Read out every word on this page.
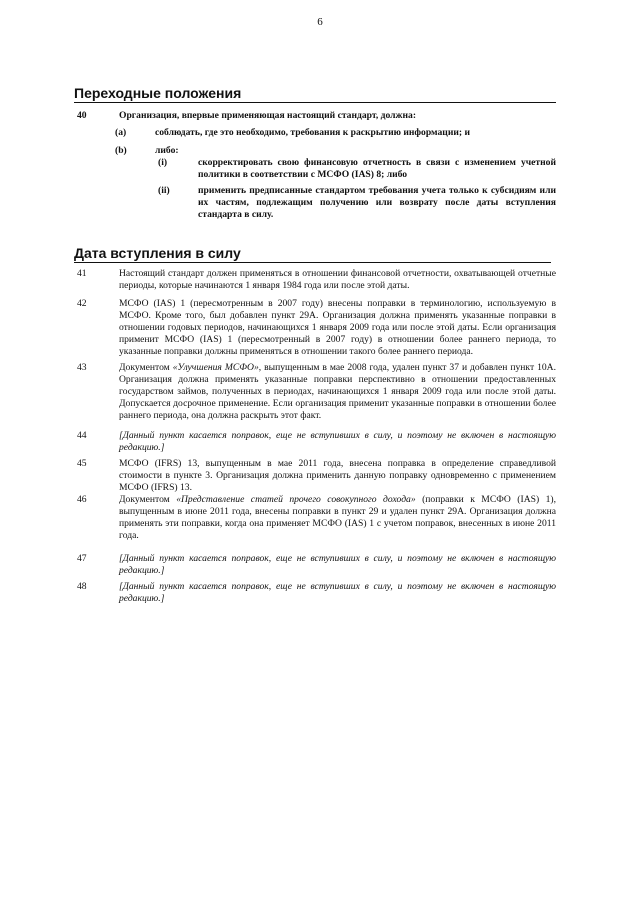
6
Переходные положения
40	Организация, впервые применяющая настоящий стандарт, должна:
(a)	соблюдать, где это необходимо, требования к раскрытию информации; и
(b)	либо:
(i)	скорректировать свою финансовую отчетность в связи с изменением учетной политики в соответствии с МСФО (IAS) 8; либо
(ii)	применить предписанные стандартом требования учета только к субсидиям или их частям, подлежащим получению или возврату после даты вступления стандарта в силу.
Дата вступления в силу
41	Настоящий стандарт должен применяться в отношении финансовой отчетности, охватывающей отчетные периоды, которые начинаются 1 января 1984 года или после этой даты.
42	МСФО (IAS) 1 (пересмотренным в 2007 году) внесены поправки в терминологию, используемую в МСФО. Кроме того, был добавлен пункт 29А. Организация должна применять указанные поправки в отношении годовых периодов, начинающихся 1 января 2009 года или после этой даты. Если организация применит МСФО (IAS) 1 (пересмотренный в 2007 году) в отношении более раннего периода, то указанные поправки должны применяться в отношении такого более раннего периода.
43	Документом «Улучшения МСФО», выпущенным в мае 2008 года, удален пункт 37 и добавлен пункт 10А. Организация должна применять указанные поправки перспективно в отношении предоставленных государством займов, полученных в периодах, начинающихся 1 января 2009 года или после этой даты. Допускается досрочное применение. Если организация применит указанные поправки в отношении более раннего периода, она должна раскрыть этот факт.
44	[Данный пункт касается поправок, еще не вступивших в силу, и поэтому не включен в настоящую редакцию.]
45	МСФО (IFRS) 13, выпущенным в мае 2011 года, внесена поправка в определение справедливой стоимости в пункте 3. Организация должна применить данную поправку одновременно с применением МСФО (IFRS) 13.
46	Документом «Представление статей прочего совокупного дохода» (поправки к МСФО (IAS) 1), выпущенным в июне 2011 года, внесены поправки в пункт 29 и удален пункт 29А. Организация должна применять эти поправки, когда она применяет МСФО (IAS) 1 с учетом поправок, внесенных в июне 2011 года.
47	[Данный пункт касается поправок, еще не вступивших в силу, и поэтому не включен в настоящую редакцию.]
48	[Данный пункт касается поправок, еще не вступивших в силу, и поэтому не включен в настоящую редакцию.]
